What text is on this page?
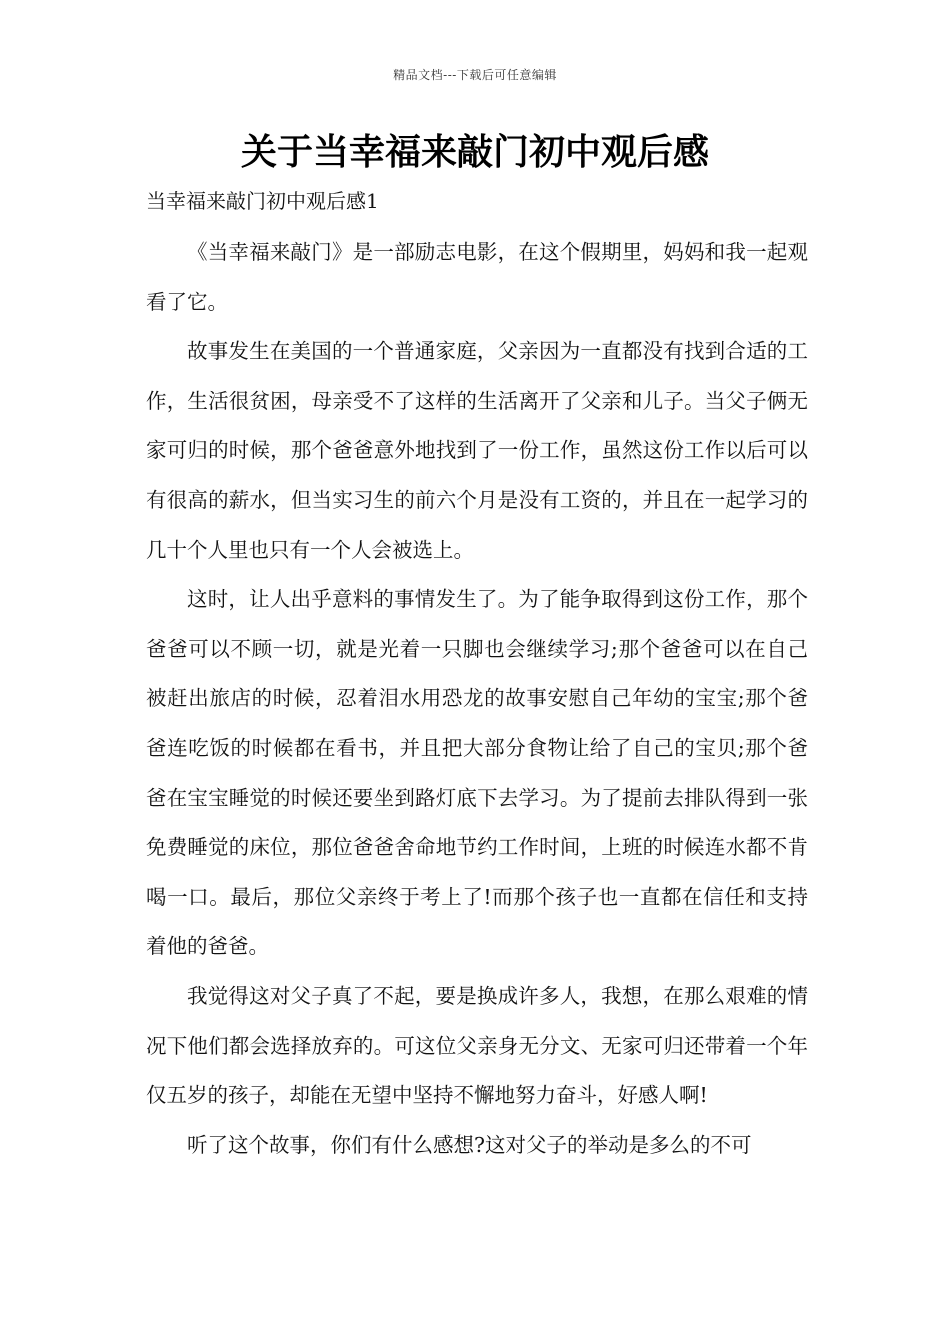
精品文档---下载后可任意编辑
关于当幸福来敲门初中观后感
当幸福来敲门初中观后感1

《当幸福来敲门》是一部励志电影，在这个假期里，妈妈和我一起观看了它。

故事发生在美国的一个普通家庭，父亲因为一直都没有找到合适的工作，生活很贫困，母亲受不了这样的生活离开了父亲和儿子。当父子俩无家可归的时候，那个爸爸意外地找到了一份工作，虽然这份工作以后可以有很高的薪水，但当实习生的前六个月是没有工资的，并且在一起学习的几十个人里也只有一个人会被选上。

这时，让人出乎意料的事情发生了。为了能争取得到这份工作，那个爸爸可以不顾一切，就是光着一只脚也会继续学习;那个爸爸可以在自己被赶出旅店的时候，忍着泪水用恐龙的故事安慰自己年幼的宝宝;那个爸爸连吃饭的时候都在看书，并且把大部分食物让给了自己的宝贝;那个爸爸在宝宝睡觉的时候还要坐到路灯底下去学习。为了提前去排队得到一张免费睡觉的床位，那位爸爸舍命地节约工作时间，上班的时候连水都不肯喝一口。最后，那位父亲终于考上了!而那个孩子也一直都在信任和支持着他的爸爸。

我觉得这对父子真了不起，要是换成许多人，我想，在那么艰难的情况下他们都会选择放弃的。可这位父亲身无分文、无家可归还带着一个年仅五岁的孩子，却能在无望中坚持不懈地努力奋斗，好感人啊!

听了这个故事，你们有什么感想?这对父子的举动是多么的不可
